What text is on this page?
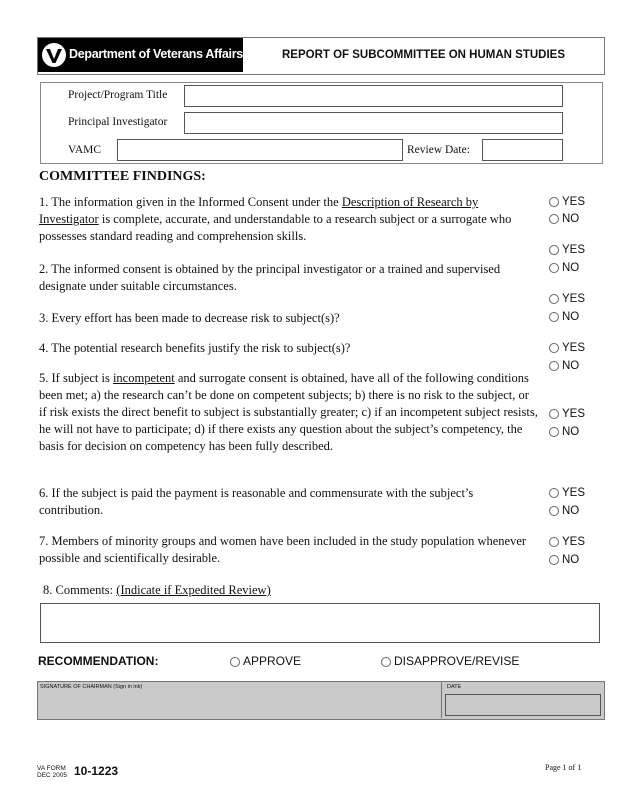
Department of Veterans Affairs	REPORT OF SUBCOMMITTEE ON HUMAN STUDIES
Project/Program Title
Principal Investigator
VAMC	Review Date:
COMMITTEE FINDINGS:
1. The information given in the Informed Consent under the Description of Research by Investigator is complete, accurate, and understandable to a research subject or a surrogate who possesses standard reading and comprehension skills.
YES
NO
2. The informed consent is obtained by the principal investigator or a trained and supervised designate under suitable circumstances.
YES
NO
3. Every effort has been made to decrease risk to subject(s)?
YES
NO
4. The potential research benefits justify the risk to subject(s)?	YES
NO
5. If subject is incompetent and surrogate consent is obtained, have all of the following conditions been met; a) the research can’t be done on competent subjects; b) there is no risk to the subject, or if risk exists the direct benefit to subject is substantially greater; c) if an incompetent subject resists, he will not have to participate; d) if there exists any question about the subject’s competency, the basis for decision on competency has been fully described.
YES
NO
6. If the subject is paid the payment is reasonable and commensurate with the subject’s contribution.
YES
NO
7. Members of minority groups and women have been included in the study population whenever possible and scientifically desirable.
YES
NO
8. Comments: (Indicate if Expedited Review)
RECOMMENDATION:	APPROVE	DISAPPROVE/REVISE
SIGNATURE OF CHAIRMAN (Sign in ink)	DATE
VA FORM
DEC 2005 10-1223	Page 1 of 1
